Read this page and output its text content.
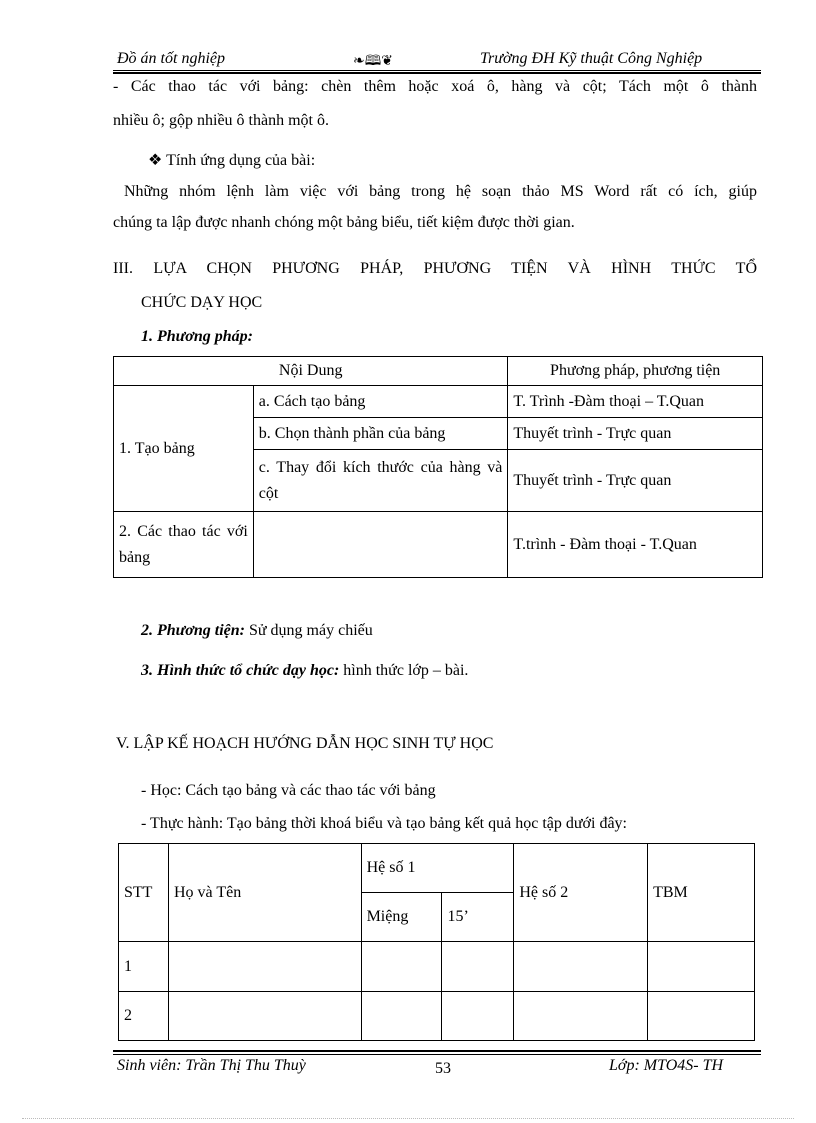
Đồ án tốt nghiệp	❧🕮❦	Trường ĐH Kỹ thuật Công Nghiệp
- Các thao tác với bảng: chèn thêm hoặc xoá ô, hàng và cột; Tách một ô thành
nhiều ô; gộp nhiều ô thành một ô.
❖ Tính ứng dụng của bài:
Những nhóm lệnh làm việc với bảng trong hệ soạn thảo MS Word rất có ích, giúp
chúng ta lập được nhanh chóng một bảng biểu, tiết kiệm được thời gian.
III. LỰA CHỌN PHƯƠNG PHÁP, PHƯƠNG TIỆN VÀ HÌNH THỨC TỔ
CHỨC DẠY HỌC
1. Phương pháp:
Nội Dung		Phương pháp, phương tiện
1. Tạo bảng	a. Cách tạo bảng	T. Trình -Đàm thoại – T.Quan
	b. Chọn thành phần của bảng	Thuyết trình - Trực quan
	c. Thay đổi kích thước của hàng và cột	Thuyết trình - Trực quan
2. Các thao tác với bảng		T.trình - Đàm thoại - T.Quan
2. Phương tiện: Sử dụng máy chiếu
3. Hình thức tổ chức dạy học: hình thức lớp – bài.
V. LẬP KẾ HOẠCH HƯỚNG DẪN HỌC SINH TỰ HỌC
- Học: Cách tạo bảng và các thao tác với bảng
- Thực hành: Tạo bảng thời khoá biểu và tạo bảng kết quả học tập dưới đây:
STT	Họ và Tên	Hệ số 1		Hệ số 2	TBM
		Miệng	15’		
1					
2					
Sinh viên: Trần Thị Thu Thuỳ	53	Lớp: MTO4S- TH
